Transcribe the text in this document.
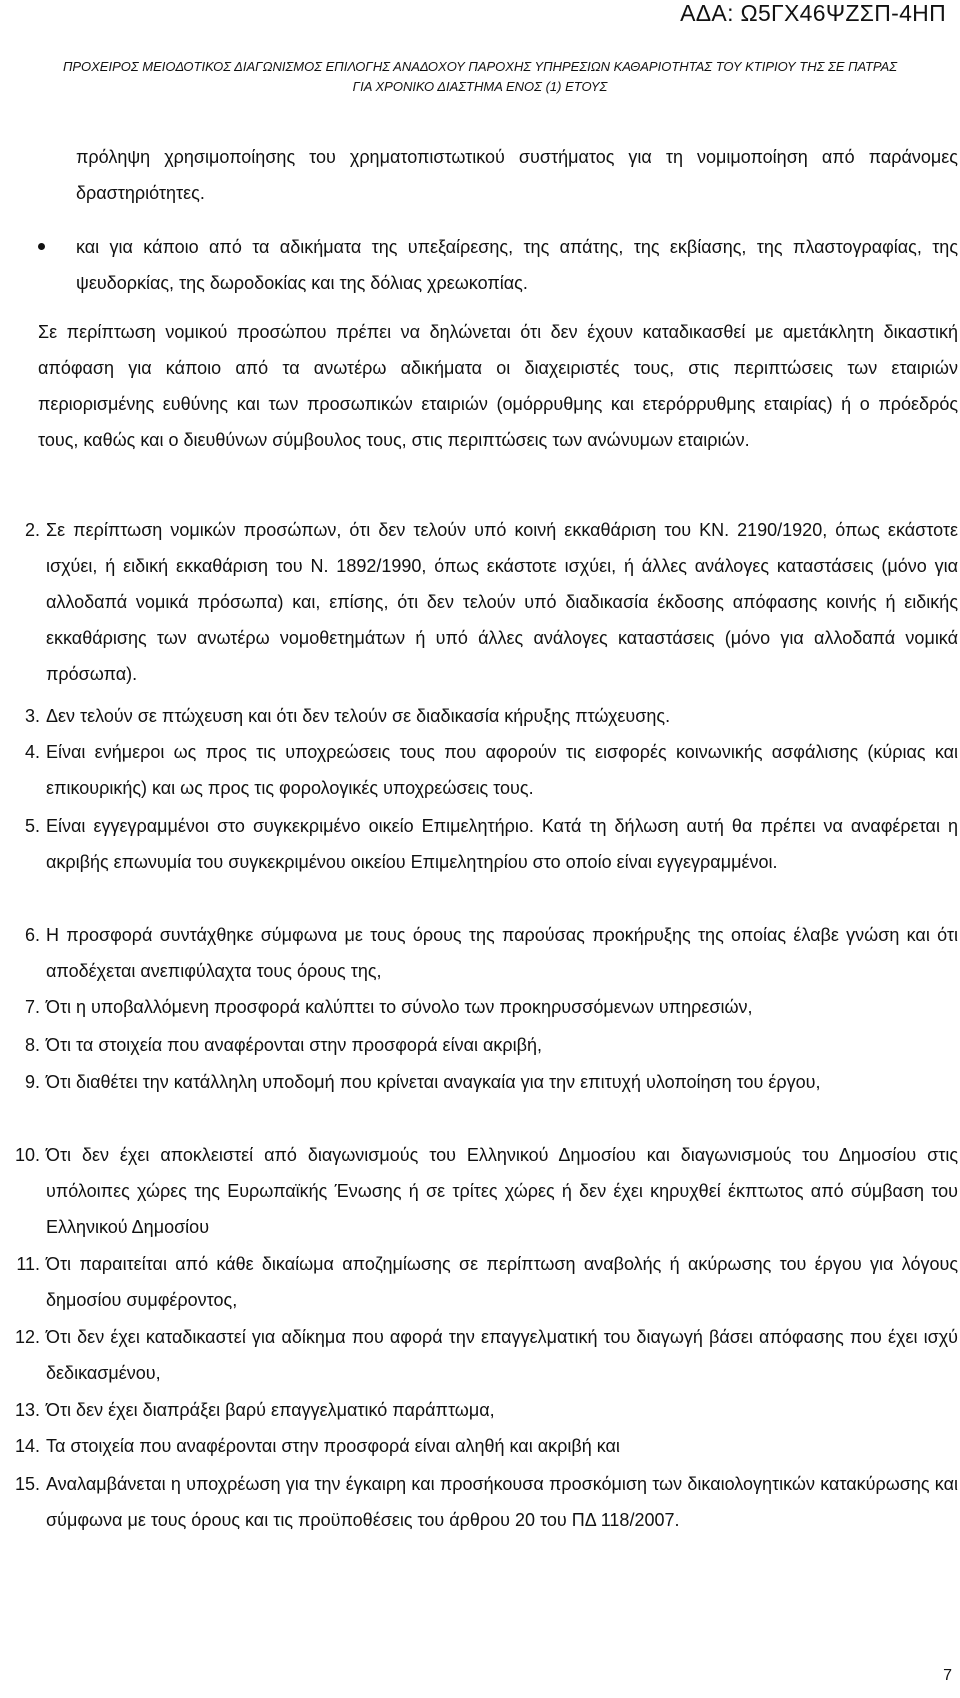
ΑΔΑ: Ω5ΓΧ46ΨΖΣΠ-4ΗΠ
ΠΡΟΧΕΙΡΟΣ ΜΕΙΟΔΟΤΙΚΟΣ ΔΙΑΓΩΝΙΣΜΟΣ ΕΠΙΛΟΓΗΣ ΑΝΑΔΟΧΟΥ ΠΑΡΟΧΗΣ ΥΠΗΡΕΣΙΩΝ ΚΑΘΑΡΙΟΤΗΤΑΣ ΤΟΥ ΚΤΙΡΙΟΥ ΤΗΣ ΣΕ ΠΑΤΡΑΣ
ΓΙΑ ΧΡΟΝΙΚΟ ΔΙΑΣΤΗΜΑ ΕΝΟΣ (1) ΕΤΟΥΣ
πρόληψη χρησιμοποίησης του χρηματοπιστωτικού συστήματος για τη νομιμοποίηση από παράνομες δραστηριότητες.
και για κάποιο από τα αδικήματα της υπεξαίρεσης, της απάτης, της εκβίασης, της πλαστογραφίας, της ψευδορκίας, της δωροδοκίας και της δόλιας χρεωκοπίας.
Σε περίπτωση νομικού προσώπου πρέπει να δηλώνεται ότι δεν έχουν καταδικασθεί με αμετάκλητη δικαστική απόφαση για κάποιο από τα ανωτέρω αδικήματα οι διαχειριστές τους, στις περιπτώσεις των εταιριών περιορισμένης ευθύνης και των προσωπικών εταιριών (ομόρρυθμης και ετερόρρυθμης εταιρίας) ή ο πρόεδρός τους, καθώς και ο διευθύνων σύμβουλος τους, στις περιπτώσεις των ανώνυμων εταιριών.
2. Σε περίπτωση νομικών προσώπων, ότι δεν τελούν υπό κοινή εκκαθάριση του ΚΝ. 2190/1920, όπως εκάστοτε ισχύει, ή ειδική εκκαθάριση του Ν. 1892/1990, όπως εκάστοτε ισχύει, ή άλλες ανάλογες καταστάσεις (μόνο για αλλοδαπά νομικά πρόσωπα) και, επίσης, ότι δεν τελούν υπό διαδικασία έκδοσης απόφασης κοινής ή ειδικής εκκαθάρισης των ανωτέρω νομοθετημάτων ή υπό άλλες ανάλογες καταστάσεις (μόνο για αλλοδαπά νομικά πρόσωπα).
3. Δεν τελούν σε πτώχευση και ότι δεν τελούν σε διαδικασία κήρυξης πτώχευσης.
4. Είναι ενήμεροι ως προς τις υποχρεώσεις τους που αφορούν τις εισφορές κοινωνικής ασφάλισης (κύριας και επικουρικής) και ως προς τις φορολογικές υποχρεώσεις τους.
5. Είναι εγγεγραμμένοι στο συγκεκριμένο οικείο Επιμελητήριο. Κατά τη δήλωση αυτή θα πρέπει να αναφέρεται η ακριβής επωνυμία του συγκεκριμένου οικείου Επιμελητηρίου στο οποίο είναι εγγεγραμμένοι.
6. Η προσφορά συντάχθηκε σύμφωνα με τους όρους της παρούσας προκήρυξης της οποίας έλαβε γνώση και ότι αποδέχεται ανεπιφύλαχτα τους όρους της,
7. Ότι η υποβαλλόμενη προσφορά καλύπτει το σύνολο των προκηρυσσόμενων υπηρεσιών,
8. Ότι τα στοιχεία που αναφέρονται στην προσφορά είναι ακριβή,
9. Ότι διαθέτει την κατάλληλη υποδομή που κρίνεται αναγκαία για την επιτυχή υλοποίηση του έργου,
10. Ότι δεν έχει αποκλειστεί από διαγωνισμούς του Ελληνικού Δημοσίου και διαγωνισμούς του Δημοσίου στις υπόλοιπες χώρες της Ευρωπαϊκής Ένωσης ή σε τρίτες χώρες ή δεν έχει κηρυχθεί έκπτωτος από σύμβαση του Ελληνικού Δημοσίου
11. Ότι παραιτείται από κάθε δικαίωμα αποζημίωσης σε περίπτωση αναβολής ή ακύρωσης του έργου για λόγους δημοσίου συμφέροντος,
12. Ότι δεν έχει καταδικαστεί για αδίκημα που αφορά την επαγγελματική του διαγωγή βάσει απόφασης που έχει ισχύ δεδικασμένου,
13. Ότι δεν έχει διαπράξει βαρύ επαγγελματικό παράπτωμα,
14. Τα στοιχεία που αναφέρονται στην προσφορά είναι αληθή και ακριβή και
15. Αναλαμβάνεται η υποχρέωση για την έγκαιρη και προσήκουσα προσκόμιση των δικαιολογητικών κατακύρωσης και σύμφωνα με τους όρους και τις προϋποθέσεις του άρθρου 20 του ΠΔ 118/2007.
7
